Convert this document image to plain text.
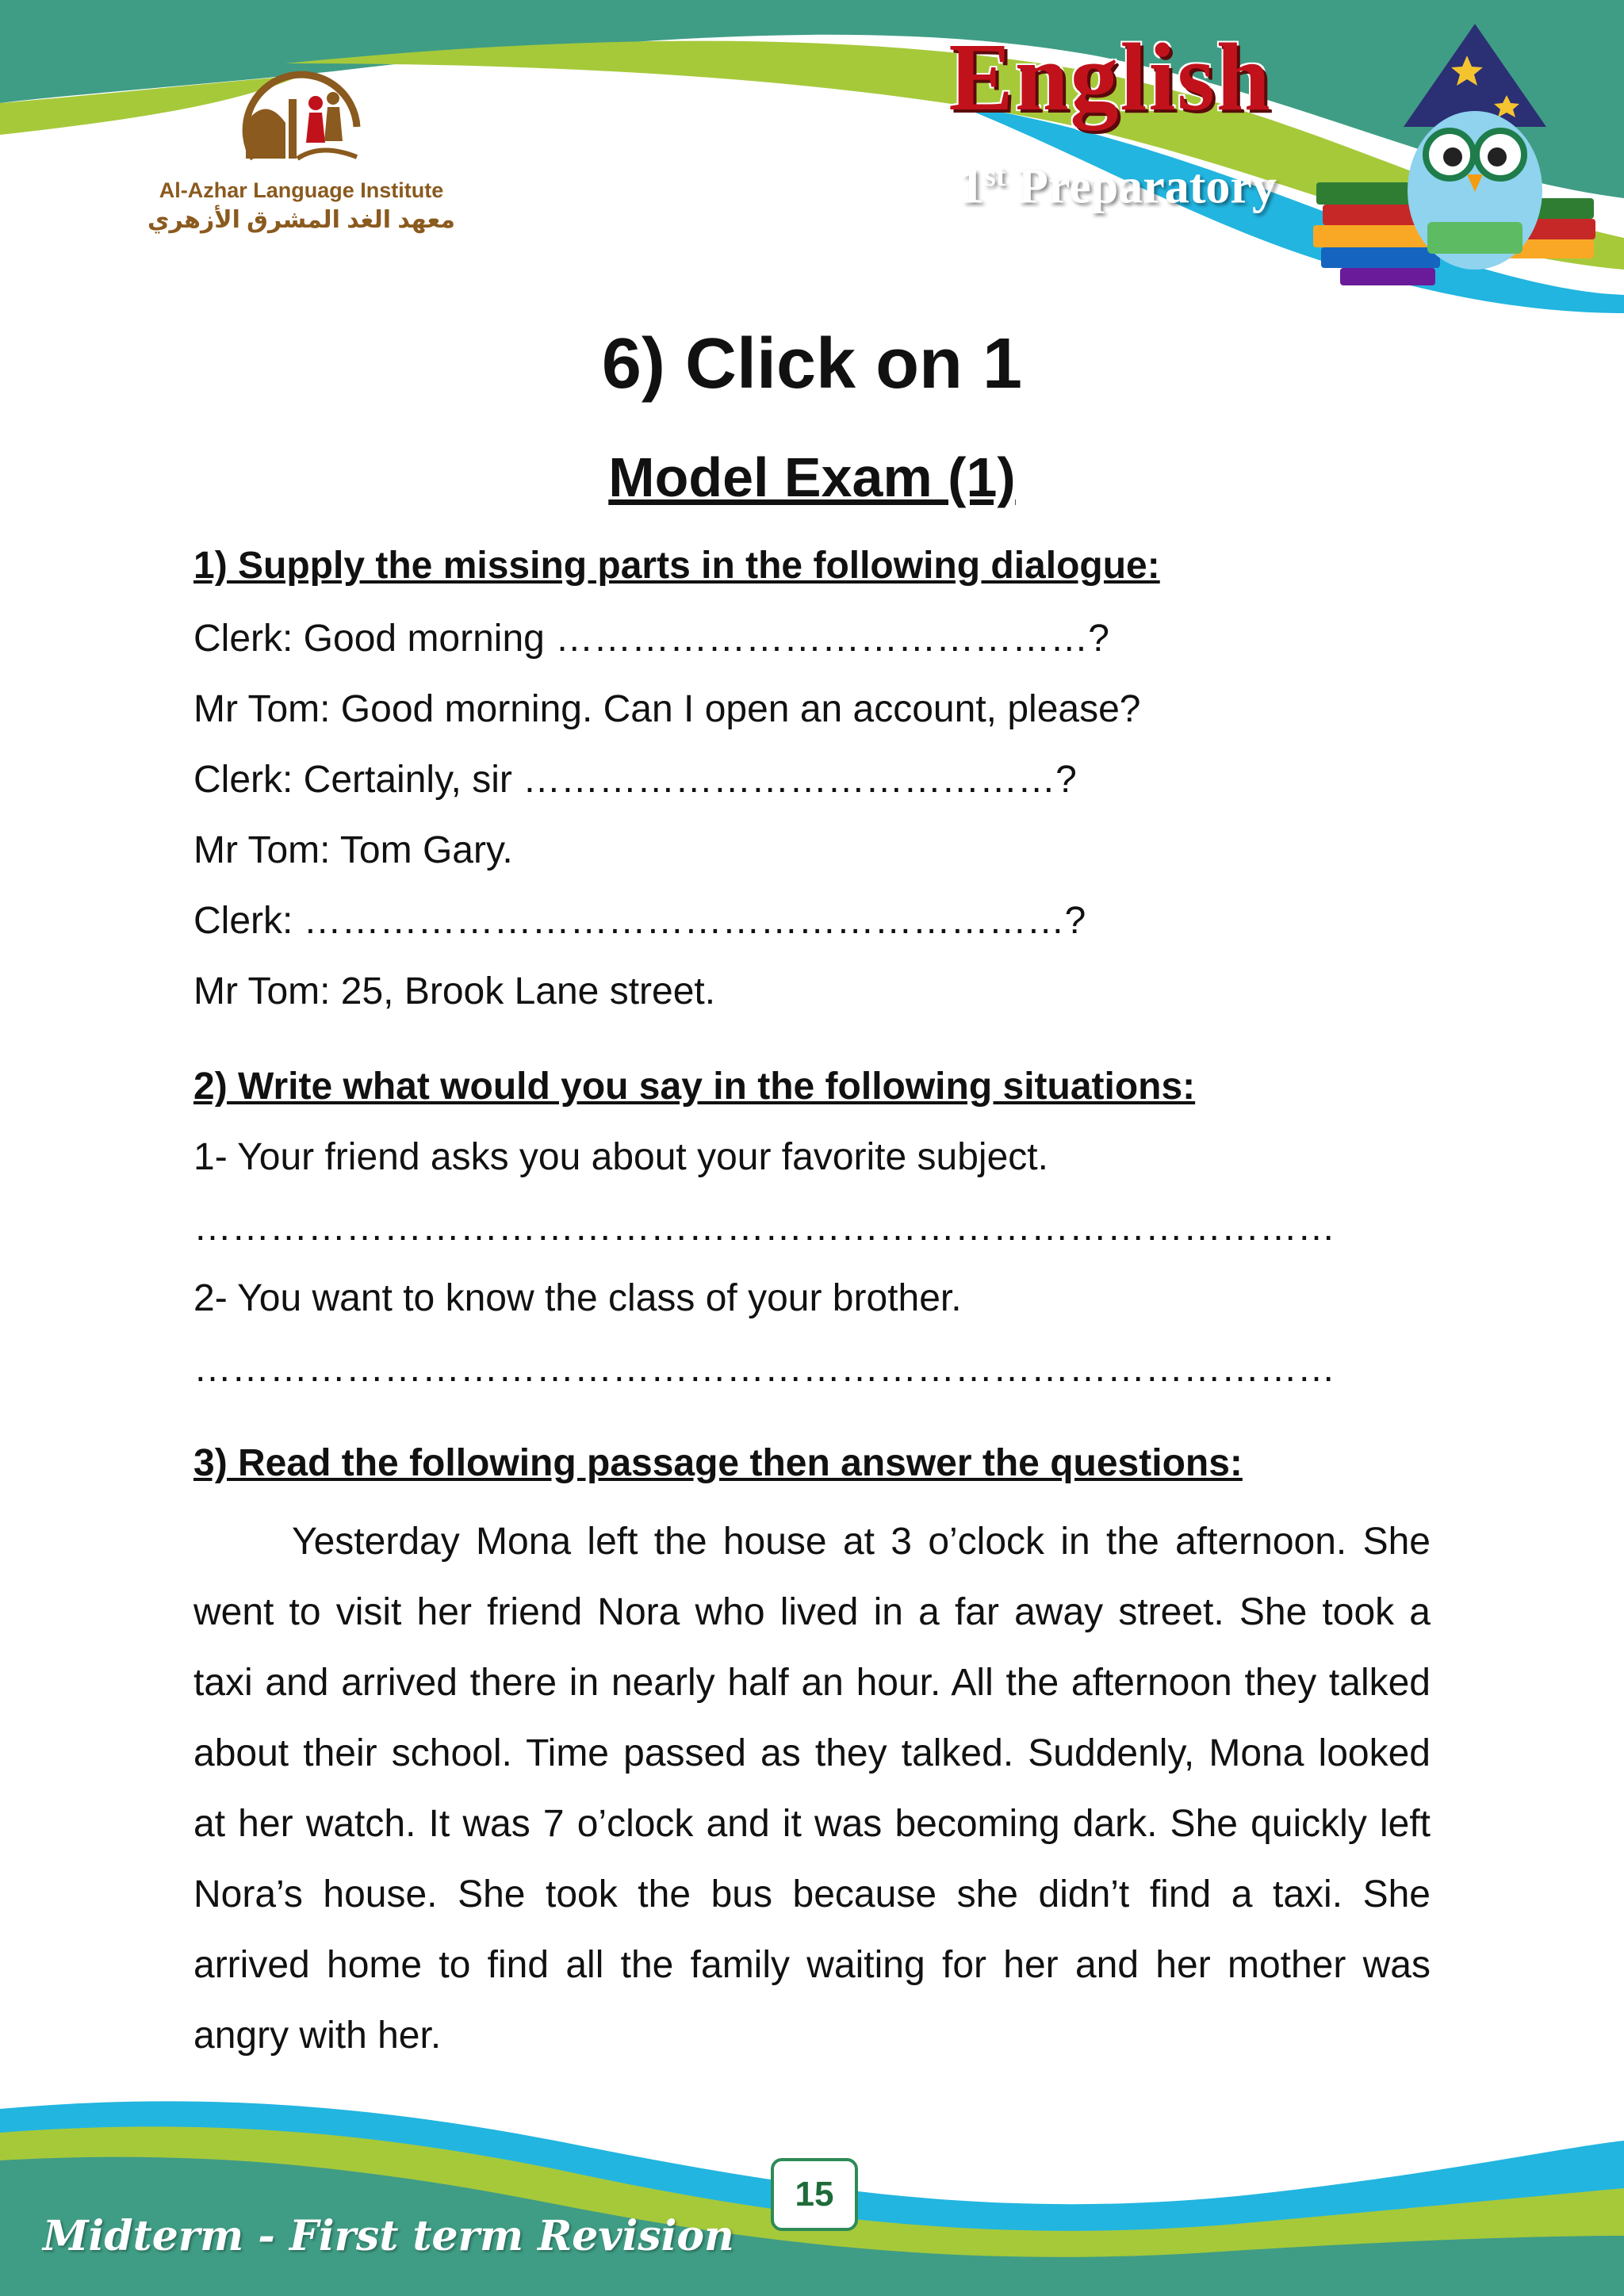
Al-Azhar Language Institute
معهد الغد المشرق الأزهري
English
1st Preparatory
6) Click on 1
Model Exam (1)
1) Supply the missing parts in the following dialogue:
Clerk: Good morning ……………………………………?
Mr Tom: Good morning. Can I open an account, please?
Clerk: Certainly, sir ……………………………………?
Mr Tom: Tom Gary.
Clerk: ……………………………………………………?
Mr Tom: 25, Brook Lane street.
2) Write what would you say in the following situations:
1- Your friend asks you about your favorite subject.
………………………………………………………………………………
2- You want to know the class of your brother.
………………………………………………………………………………
3) Read the following passage then answer the questions:
Yesterday Mona left the house at 3 o’clock in the afternoon. She went to visit her friend Nora who lived in a far away street. She took a taxi and arrived there in nearly half an hour. All the afternoon they talked about their school. Time passed as they talked. Suddenly, Mona looked at her watch. It was 7 o’clock and it was becoming dark. She quickly left Nora’s house. She took the bus because she didn’t find a taxi. She arrived home to find all the family waiting for her and her mother was angry with her.
15
Midterm - First term Revision
